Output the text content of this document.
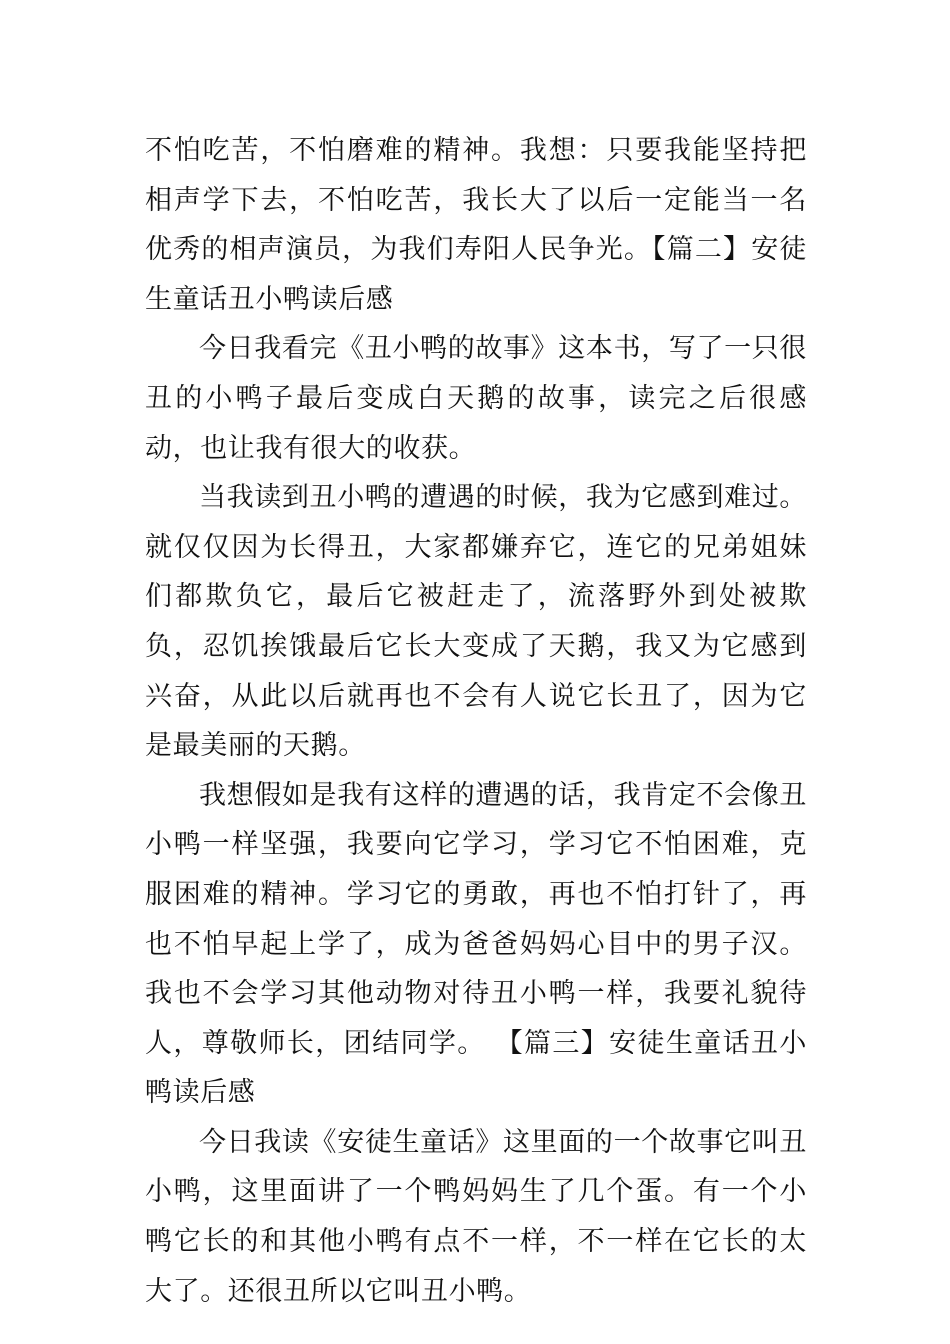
不怕吃苦，不怕磨难的精神。我想：只要我能坚持把相声学下去，不怕吃苦，我长大了以后一定能当一名优秀的相声演员，为我们寿阳人民争光。【篇二】安徒生童话丑小鸭读后感

今日我看完《丑小鸭的故事》这本书，写了一只很丑的小鸭子最后变成白天鹅的故事，读完之后很感动，也让我有很大的收获。

当我读到丑小鸭的遭遇的时候，我为它感到难过。就仅仅因为长得丑，大家都嫌弃它，连它的兄弟姐妹们都欺负它，最后它被赶走了，流落野外到处被欺负，忍饥挨饿最后它长大变成了天鹅，我又为它感到兴奋，从此以后就再也不会有人说它长丑了，因为它是最美丽的天鹅。

我想假如是我有这样的遭遇的话，我肯定不会像丑小鸭一样坚强，我要向它学习，学习它不怕困难，克服困难的精神。学习它的勇敢，再也不怕打针了，再也不怕早起上学了，成为爸爸妈妈心目中的男子汉。我也不会学习其他动物对待丑小鸭一样，我要礼貌待人，尊敬师长，团结同学。 【篇三】安徒生童话丑小鸭读后感

今日我读《安徒生童话》这里面的一个故事它叫丑小鸭，这里面讲了一个鸭妈妈生了几个蛋。有一个小鸭它长的和其他小鸭有点不一样，不一样在它长的太大了。还很丑所以它叫丑小鸭。
